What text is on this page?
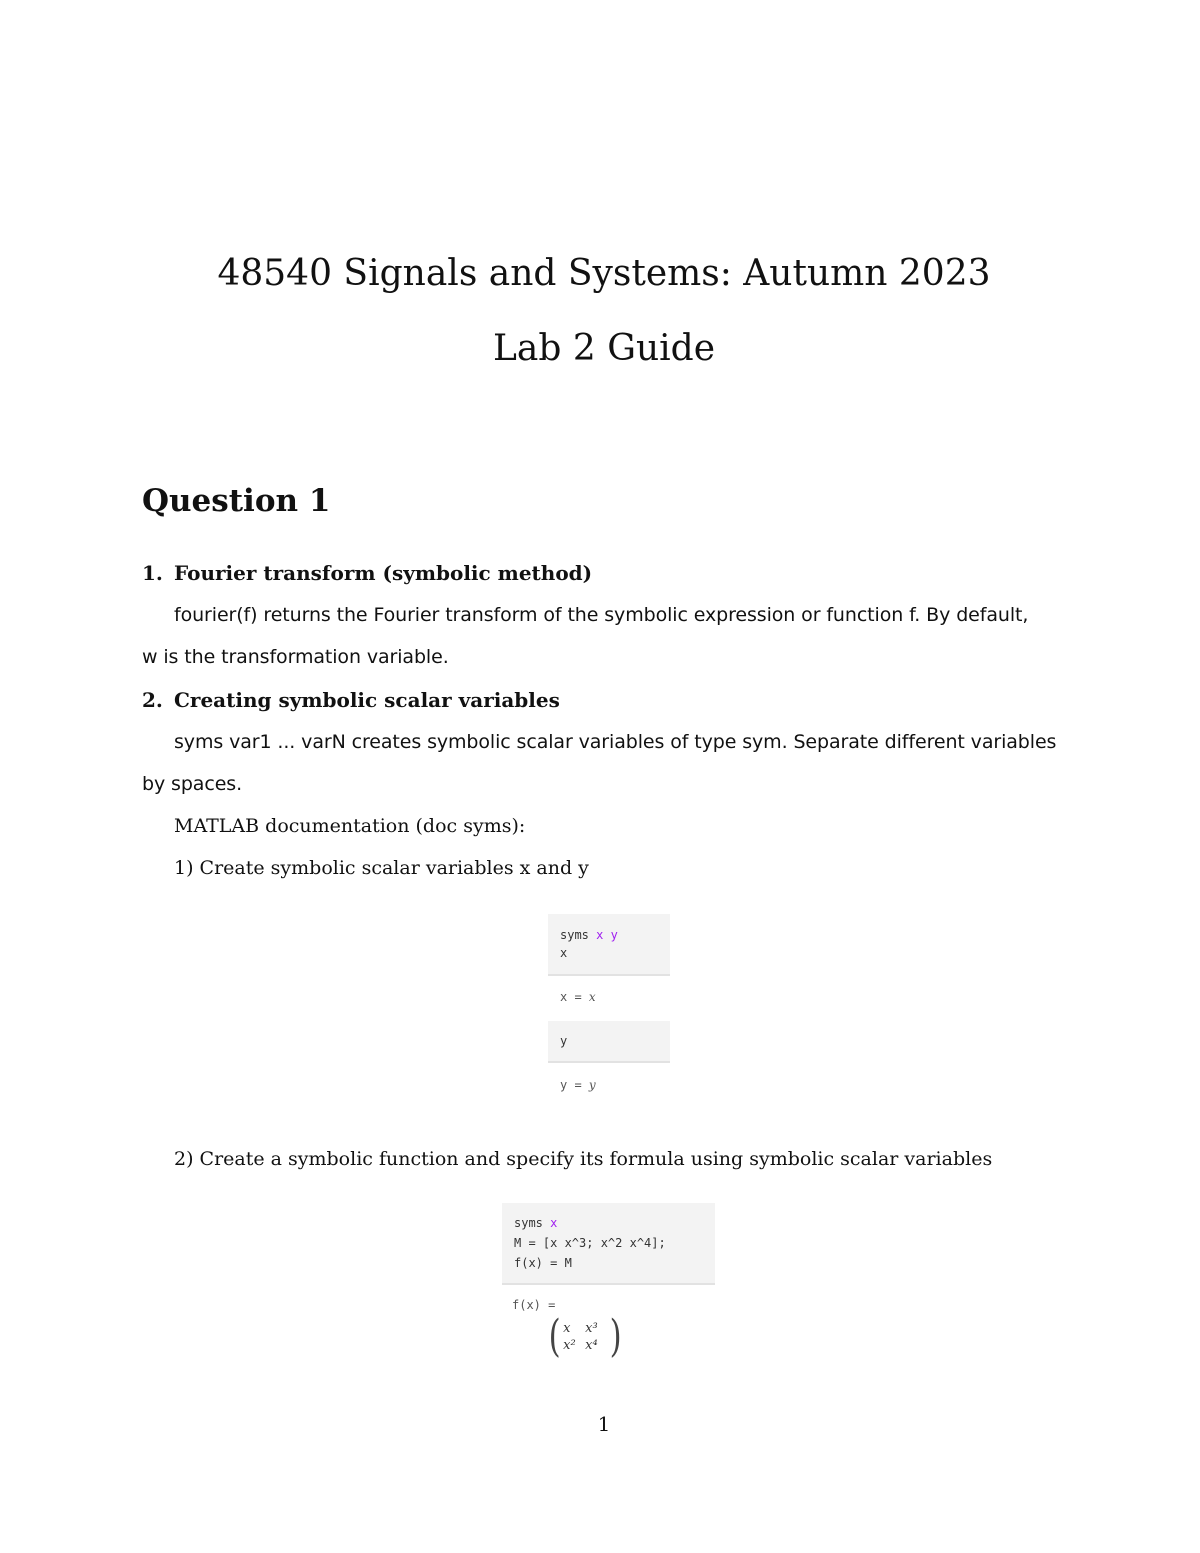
48540 Signals and Systems: Autumn 2023
Lab 2 Guide
Question 1
1. Fourier transform (symbolic method)
fourier(f) returns the Fourier transform of the symbolic expression or function f. By default,
w is the transformation variable.
2. Creating symbolic scalar variables
syms var1 ... varN creates symbolic scalar variables of type sym. Separate different variables
by spaces.
MATLAB documentation (doc syms):
1) Create symbolic scalar variables x and y
syms x y
x
x = x
y
y = y
2) Create a symbolic function and specify its formula using symbolic scalar variables
syms x
M = [x x^3; x^2 x^4];
f(x) = M
f(x) =
( x	x³
x² x⁴ )
1
